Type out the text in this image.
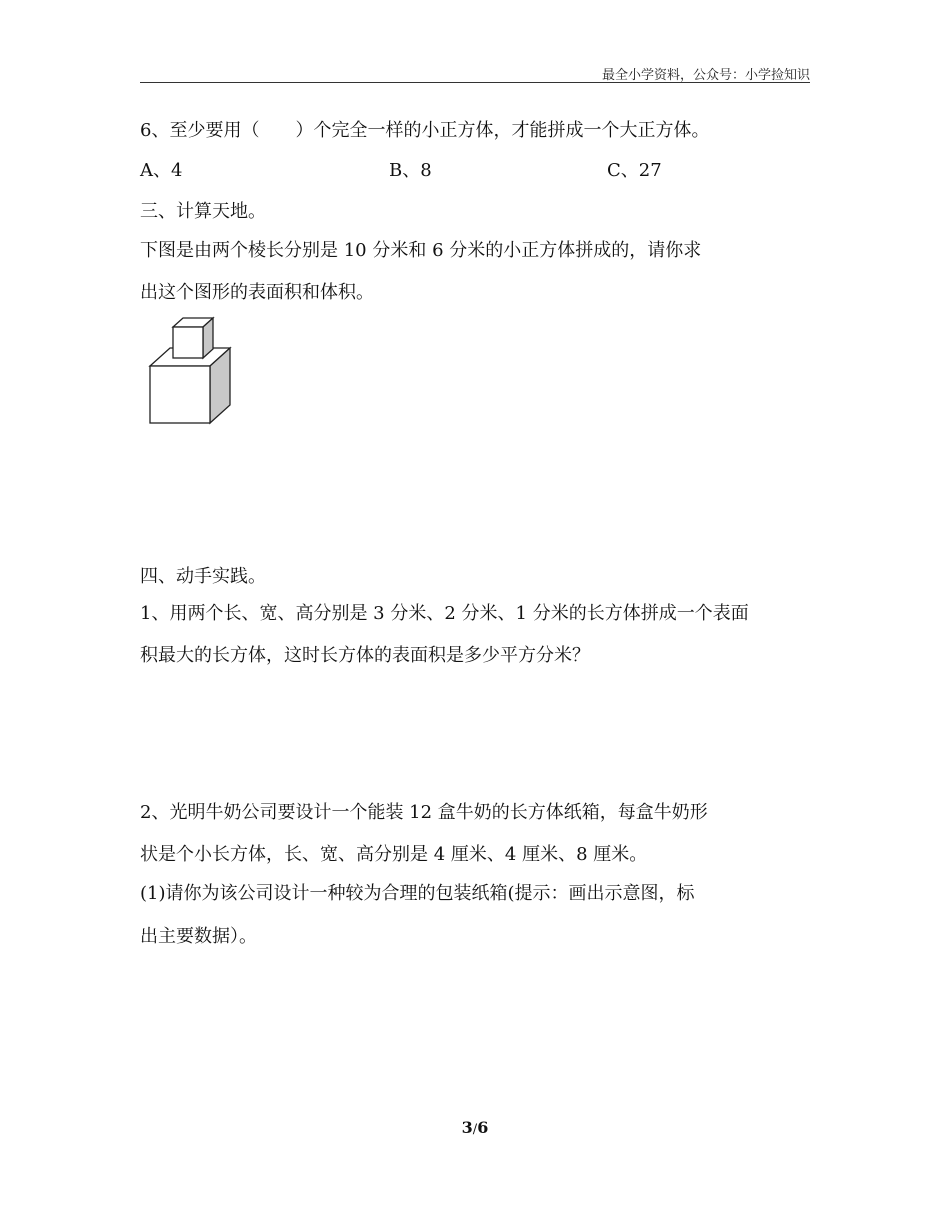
最全小学资料，公众号：小学捡知识
6、至少要用（　　）个完全一样的小正方体，才能拼成一个大正方体。
A、4	B、8	C、27
三、计算天地。
下图是由两个棱长分别是 10 分米和 6 分米的小正方体拼成的，请你求
出这个图形的表面积和体积。
四、动手实践。
1、用两个长、宽、高分别是 3 分米、2 分米、1 分米的长方体拼成一个表面
积最大的长方体，这时长方体的表面积是多少平方分米？
2、光明牛奶公司要设计一个能装 12 盒牛奶的长方体纸箱，每盒牛奶形
状是个小长方体，长、宽、高分别是 4 厘米、4 厘米、8 厘米。
(1)请你为该公司设计一种较为合理的包装纸箱(提示：画出示意图，标
出主要数据）。
3/6
